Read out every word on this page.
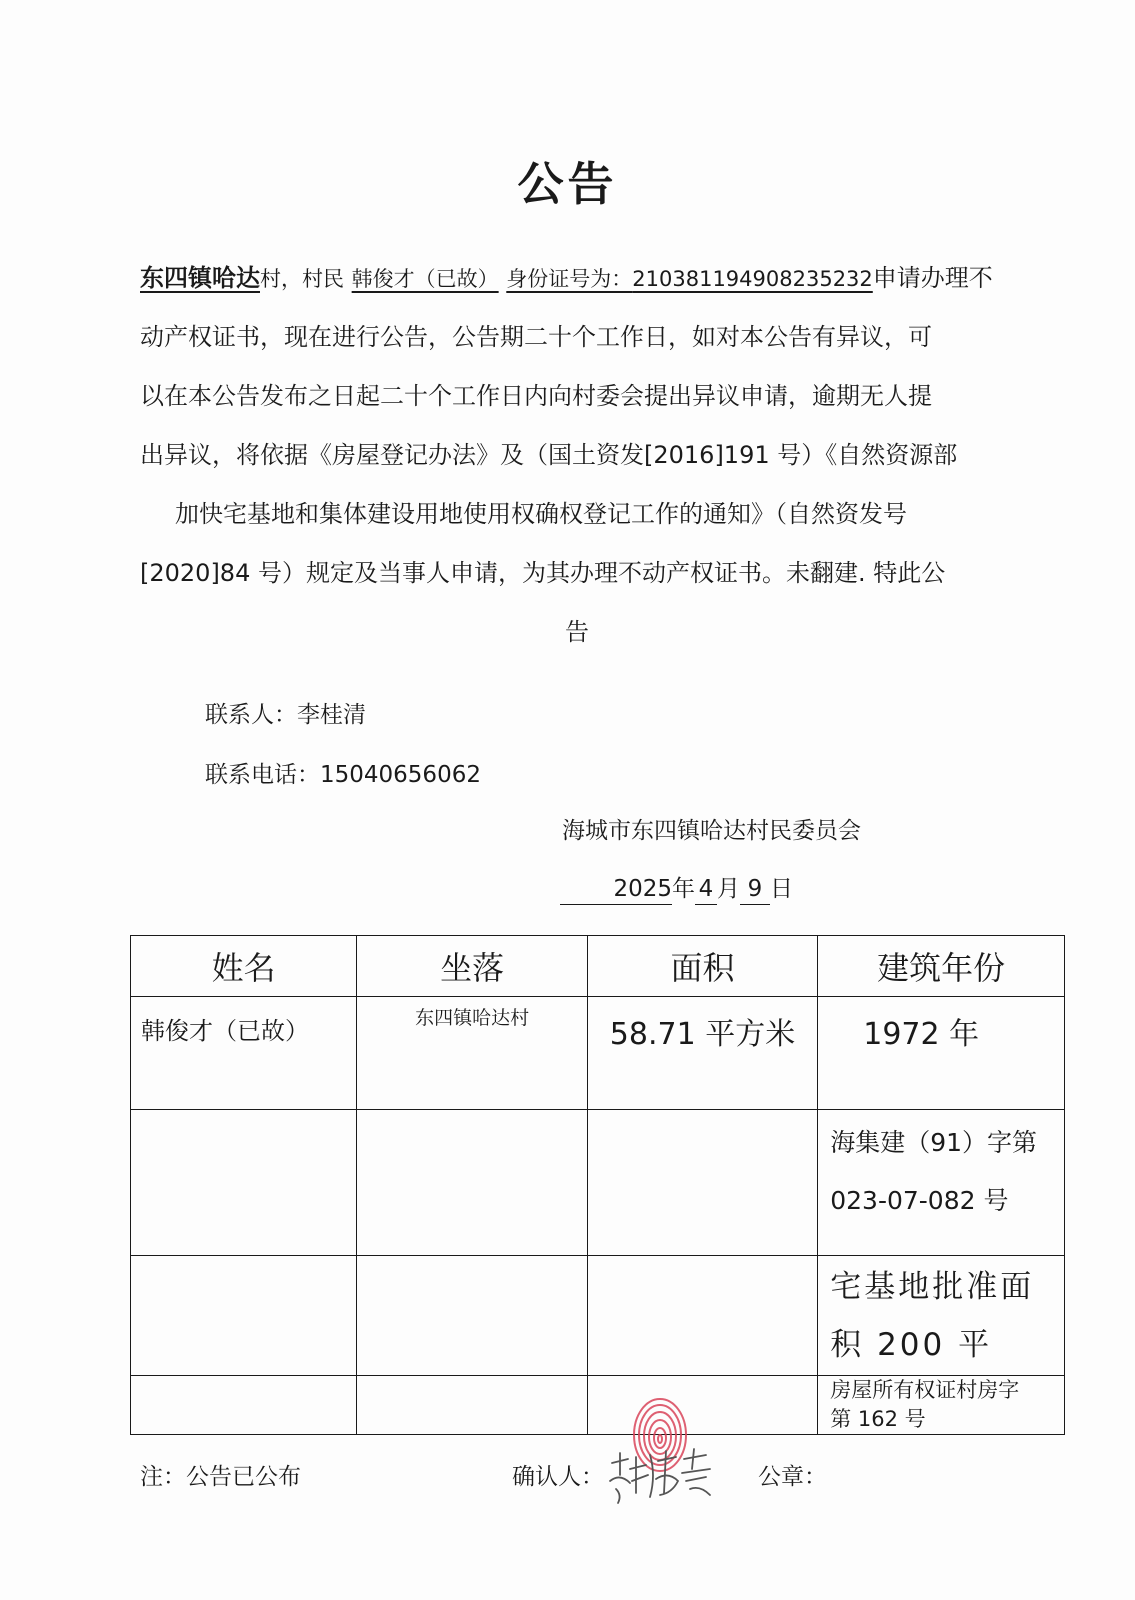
公告
东四镇哈达村，村民 韩俊才（已故） 身份证号为：210381194908235232申请办理不
动产权证书，现在进行公告，公告期二十个工作日，如对本公告有异议，可
以在本公告发布之日起二十个工作日内向村委会提出异议申请，逾期无人提
出异议，将依据《房屋登记办法》及（国土资发[2016]191 号）《自然资源部
加快宅基地和集体建设用地使用权确权登记工作的通知》（自然资发号
[2020]84 号）规定及当事人申请，为其办理不动产权证书。未翻建. 特此公
告
联系人：李桂清
联系电话：15040656062
海城市东四镇哈达村民委员会
2025年 4 月 9 日
姓名	坐落	面积	建筑年份
韩俊才（已故）	东四镇哈达村	58.71 平方米	1972 年

			海集建（91）字第
023-07-082 号

			宅基地批准面
积 200 平

			房屋所有权证村房字
第 162 号
注：公告已公布	确认人：	公章：
